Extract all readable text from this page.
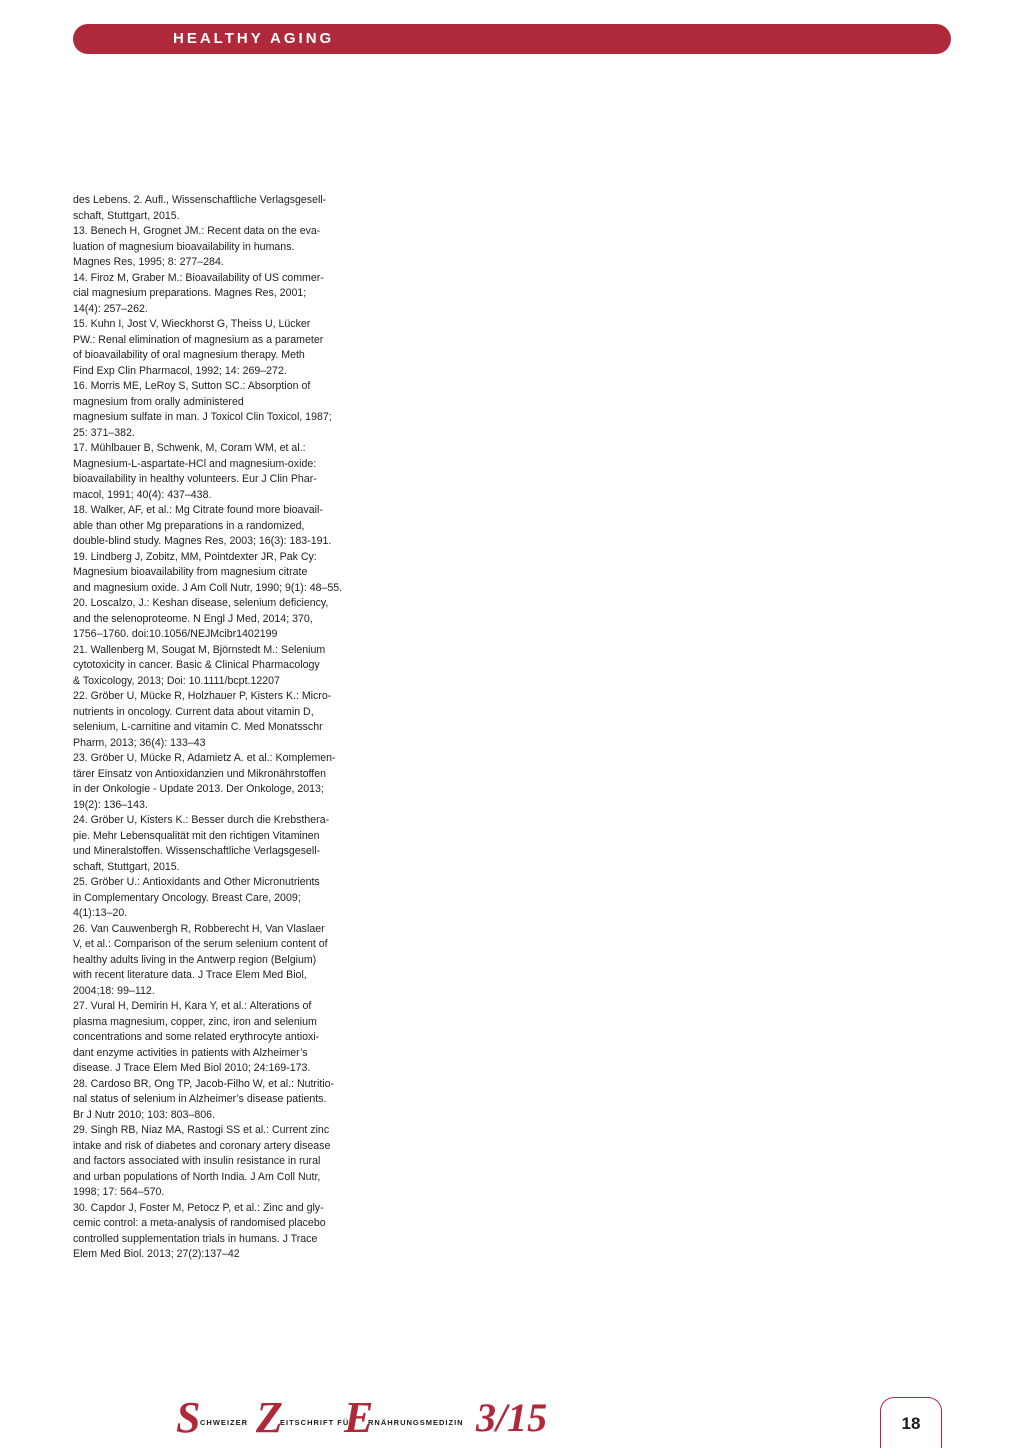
HEALTHY AGING
des Lebens. 2. Aufl., Wissenschaftliche Verlagsgesell-
schaft, Stuttgart, 2015.
13. Benech H, Grognet JM.: Recent data on the eva-
luation of magnesium bioavailability in humans.
Magnes Res, 1995; 8: 277–284.
14. Firoz M, Graber M.: Bioavailability of US commer-
cial magnesium preparations. Magnes Res, 2001;
14(4): 257–262.
15. Kuhn I, Jost V, Wieckhorst G, Theiss U, Lücker
PW.: Renal elimination of magnesium as a parameter
of bioavailability of oral magnesium therapy. Meth
Find Exp Clin Pharmacol, 1992; 14: 269–272.
16. Morris ME, LeRoy S, Sutton SC.: Absorption of
magnesium from orally administered
magnesium sulfate in man. J Toxicol Clin Toxicol, 1987;
25: 371–382.
17. Mühlbauer B, Schwenk, M, Coram WM, et al.:
Magnesium-L-aspartate-HCl and magnesium-oxide:
bioavailability in healthy volunteers. Eur J Clin Phar-
macol, 1991; 40(4): 437–438.
18. Walker, AF, et al.: Mg Citrate found more bioavail-
able than other Mg preparations in a randomized,
double-blind study. Magnes Res, 2003; 16(3): 183-191.
19. Lindberg J, Zobitz, MM, Pointdexter JR, Pak Cy:
Magnesium bioavailability from magnesium citrate
and magnesium oxide. J Am Coll Nutr, 1990; 9(1): 48–55.
20. Loscalzo, J.: Keshan disease, selenium deficiency,
and the selenoproteome. N Engl J Med, 2014; 370,
1756–1760. doi:10.1056/NEJMcibr1402199
21. Wallenberg M, Sougat M, Björnstedt M.: Selenium
cytotoxicity in cancer. Basic & Clinical Pharmacology
& Toxicology, 2013; Doi: 10.1111/bcpt.12207
22. Gröber U, Mücke R, Holzhauer P, Kisters K.: Micro-
nutrients in oncology. Current data about vitamin D,
selenium, L-carnitine and vitamin C. Med Monatsschr
Pharm, 2013; 36(4): 133–43
23. Gröber U, Mücke R, Adamietz A. et al.: Komplemen-
tärer Einsatz von Antioxidanzien und Mikronährstoffen
in der Onkologie - Update 2013. Der Onkologe, 2013;
19(2): 136–143.
24. Gröber U, Kisters K.: Besser durch die Krebsthera-
pie. Mehr Lebensqualität mit den richtigen Vitaminen
und Mineralstoffen. Wissenschaftliche Verlagsgesell-
schaft, Stuttgart, 2015.
25. Gröber U.: Antioxidants and Other Micronutrients
in Complementary Oncology. Breast Care, 2009;
4(1):13–20.
26. Van Cauwenbergh R, Robberecht H, Van Vlaslaer
V, et al.: Comparison of the serum selenium content of
healthy adults living in the Antwerp region (Belgium)
with recent literature data. J Trace Elem Med Biol,
2004;18: 99–112.
27. Vural H, Demirin H, Kara Y, et al.: Alterations of
plasma magnesium, copper, zinc, iron and selenium
concentrations and some related erythrocyte antioxi-
dant enzyme activities in patients with Alzheimer’s
disease. J Trace Elem Med Biol 2010; 24:169-173.
28. Cardoso BR, Ong TP, Jacob-Filho W, et al.: Nutritio-
nal status of selenium in Alzheimer’s disease patients.
Br J Nutr 2010; 103: 803–806.
29. Singh RB, Niaz MA, Rastogi SS et al.: Current zinc
intake and risk of diabetes and coronary artery disease
and factors associated with insulin resistance in rural
and urban populations of North India. J Am Coll Nutr,
1998; 17: 564–570.
30. Capdor J, Foster M, Petocz P, et al.: Zinc and gly-
cemic control: a meta-analysis of randomised placebo
controlled supplementation trials in humans. J Trace
Elem Med Biol. 2013; 27(2):137–42
S CHWEIZER Z
EITSCHRIFT FÜR
E
RNÄHRUNGSMEDIZIN 3/15	18
